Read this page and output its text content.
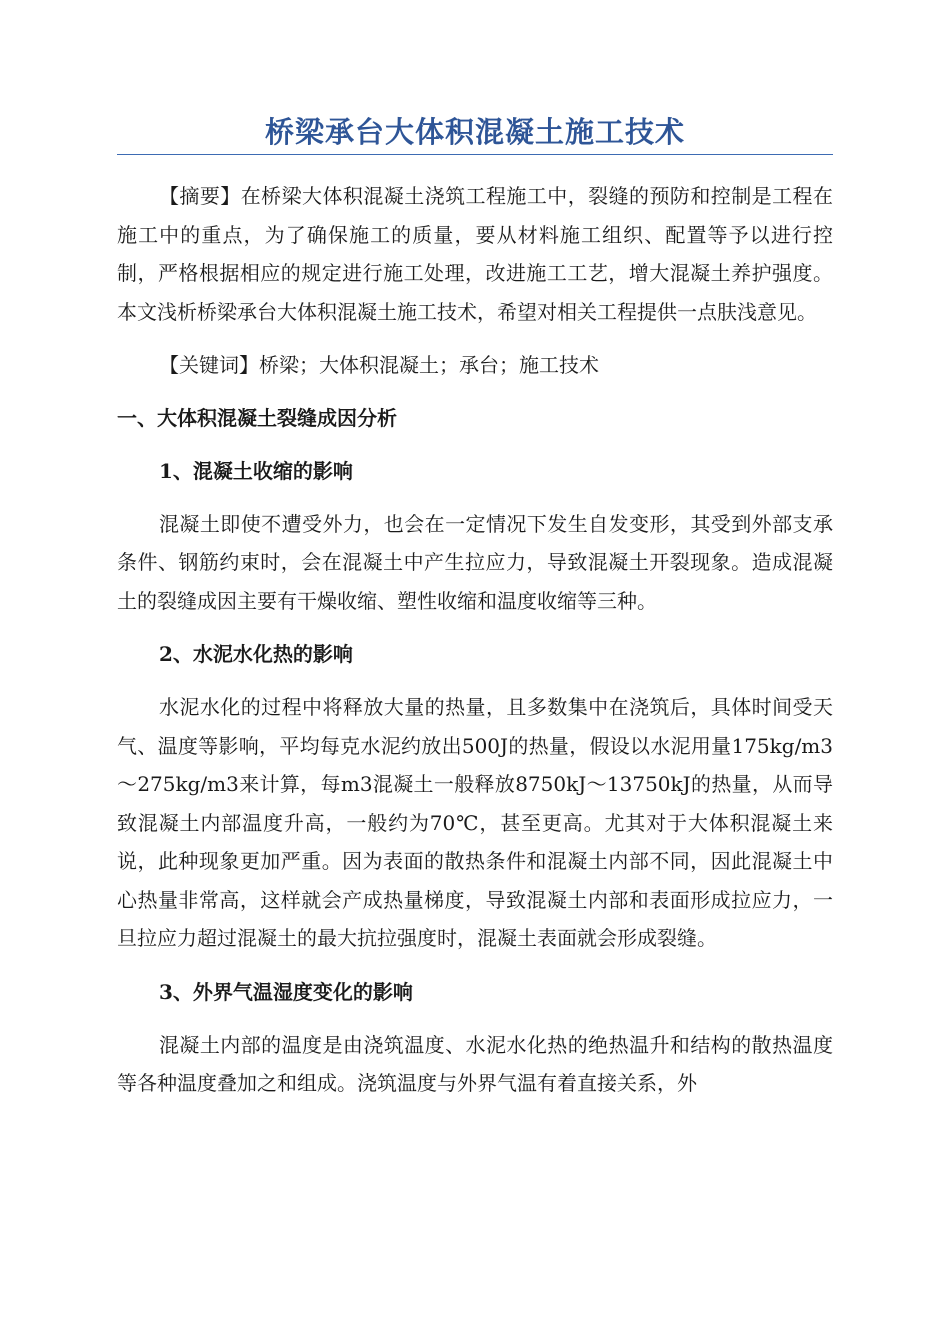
桥梁承台大体积混凝土施工技术

【摘要】在桥梁大体积混凝土浇筑工程施工中，裂缝的预防和控制是工程在施工中的重点，为了确保施工的质量，要从材料施工组织、配置等予以进行控制，严格根据相应的规定进行施工处理，改进施工工艺，增大混凝土养护强度。本文浅析桥梁承台大体积混凝土施工技术，希望对相关工程提供一点肤浅意见。

【关键词】桥梁；大体积混凝土；承台；施工技术

一、大体积混凝土裂缝成因分析
1、混凝土收缩的影响

混凝土即使不遭受外力，也会在一定情况下发生自发变形，其受到外部支承条件、钢筋约束时，会在混凝土中产生拉应力，导致混凝土开裂现象。造成混凝土的裂缝成因主要有干燥收缩、塑性收缩和温度收缩等三种。

2、水泥水化热的影响

水泥水化的过程中将释放大量的热量，且多数集中在浇筑后，具体时间受天气、温度等影响，平均每克水泥约放出500J的热量，假设以水泥用量175kg/m3～275kg/m3来计算，每m3混凝土一般释放8750kJ～13750kJ的热量，从而导致混凝土内部温度升高，一般约为70℃，甚至更高。尤其对于大体积混凝土来说，此种现象更加严重。因为表面的散热条件和混凝土内部不同，因此混凝土中心热量非常高，这样就会产成热量梯度，导致混凝土内部和表面形成拉应力，一旦拉应力超过混凝土的最大抗拉强度时，混凝土表面就会形成裂缝。

3、外界气温湿度变化的影响

混凝土内部的温度是由浇筑温度、水泥水化热的绝热温升和结构的散热温度等各种温度叠加之和组成。浇筑温度与外界气温有着直接关系，外
